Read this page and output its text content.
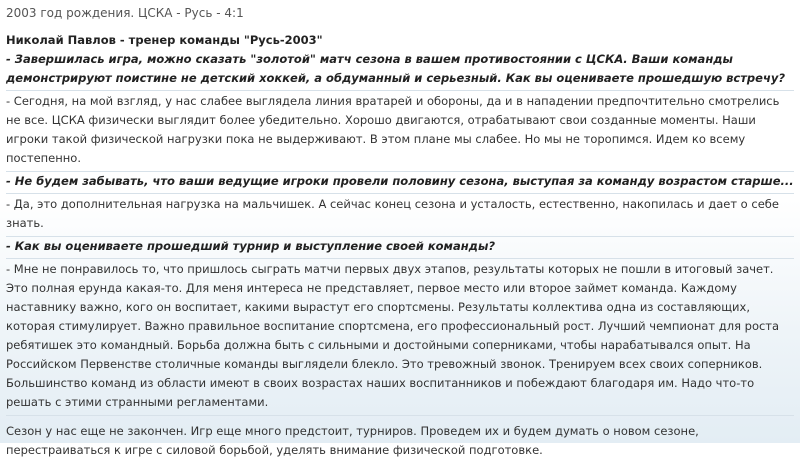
2003 год рождения. ЦСКА - Русь - 4:1

Николай Павлов - тренер команды "Русь-2003"

- Завершилась игра, можно сказать "золотой" матч сезона в вашем противостоянии с ЦСКА. Ваши команды демонстрируют поистине не детский хоккей, а обдуманный и серьезный. Как вы оцениваете прошедшую встречу?

- Сегодня, на мой взгляд, у нас слабее выглядела линия вратарей и обороны, да и в нападении предпочтительно смотрелись не все. ЦСКА физически выглядит более убедительно. Хорошо двигаются, отрабатывают свои созданные моменты. Наши игроки такой физической нагрузки пока не выдерживают. В этом плане мы слабее. Но мы не торопимся. Идем ко всему постепенно.

- Не будем забывать, что ваши ведущие игроки провели половину сезона, выступая за команду возрастом старше...

- Да, это дополнительная нагрузка на мальчишек. А сейчас конец сезона и усталость, естественно, накопилась и дает о себе знать.

- Как вы оцениваете прошедший турнир и выступление своей команды?

- Мне не понравилось то, что пришлось сыграть матчи первых двух этапов, результаты которых не пошли в итоговый зачет. Это полная ерунда какая-то. Для меня интереса не представляет, первое место или второе займет команда. Каждому наставнику важно, кого он воспитает, какими вырастут его спортсмены. Результаты коллектива одна из составляющих, которая стимулирует. Важно правильное воспитание спортсмена, его профессиональный рост. Лучший чемпионат для роста ребятишек это командный. Борьба должна быть с сильными и достойными соперниками, чтобы нарабатывался опыт. На Российском Первенстве столичные команды выглядели блекло. Это тревожный звонок. Тренируем всех своих соперников. Большинство команд из области имеют в своих возрастах наших воспитанников и побеждают благодаря им. Надо что-то решать с этими странными регламентами.

Сезон у нас еще не закончен. Игр еще много предстоит, турниров. Проведем их и будем думать о новом сезоне, перестраиваться к игре с силовой борьбой, уделять внимание физической подготовке.
